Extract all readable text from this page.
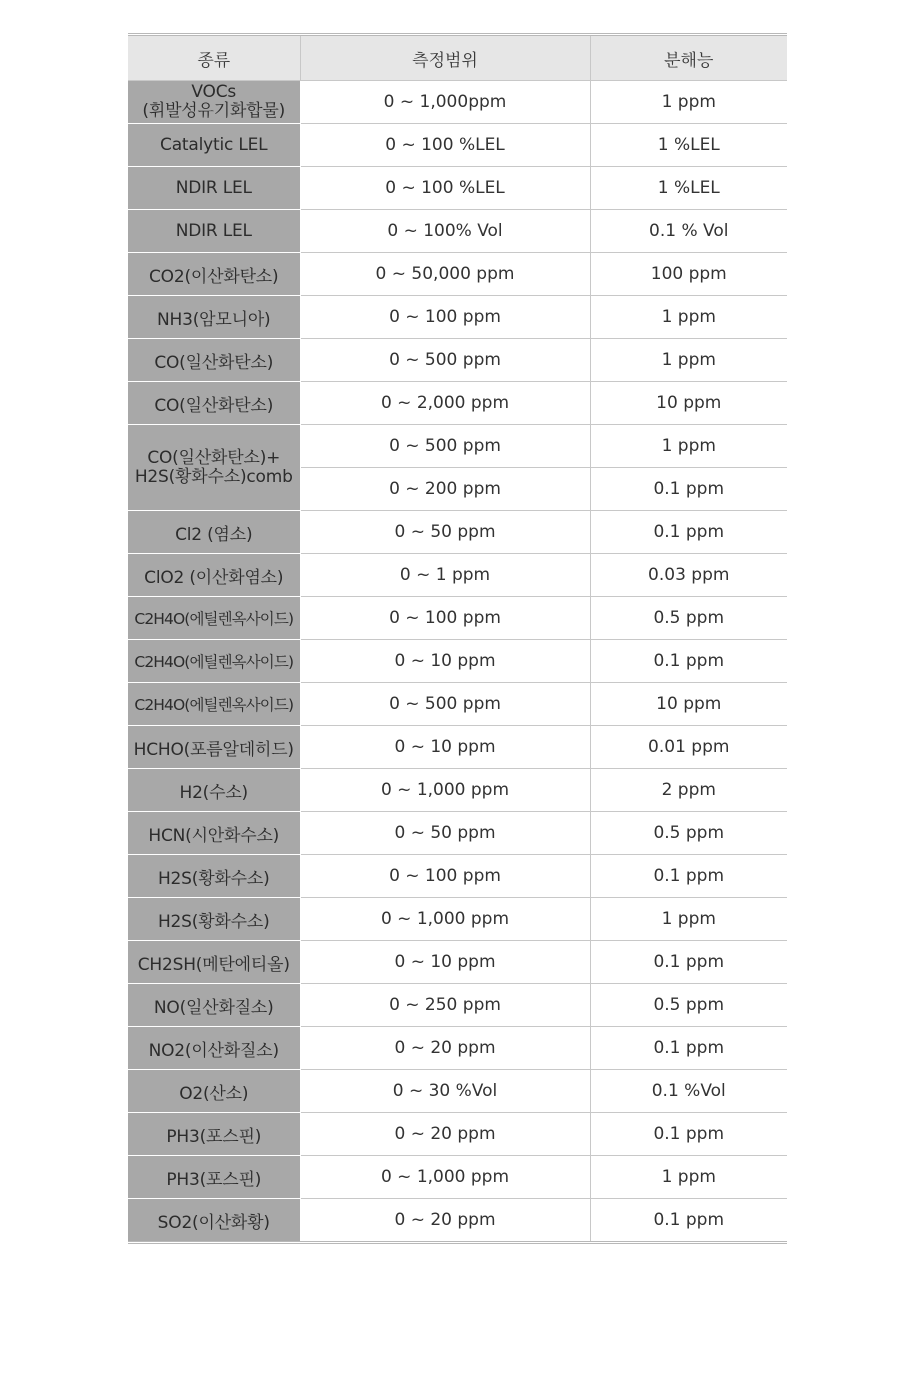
종류	측정범위	분해능

VOCs
(휘발성유기화합물)	0 ~ 1,000ppm	1 ppm
Catalytic LEL	0 ~ 100 %LEL	1 %LEL
NDIR LEL	0 ~ 100 %LEL	1 %LEL
NDIR LEL	0 ~ 100% Vol	0.1 % Vol
CO2(이산화탄소)	0 ~ 50,000 ppm	100 ppm
NH3(암모니아)	0 ~ 100 ppm	1 ppm
CO(일산화탄소)	0 ~ 500 ppm	1 ppm
CO(일산화탄소)	0 ~ 2,000 ppm	10 ppm

CO(일산화탄소)+
H2S(황화수소)comb	0 ~ 500 ppm	1 ppm
	0 ~ 200 ppm	0.1 ppm
Cl2 (염소)	0 ~ 50 ppm	0.1 ppm
ClO2 (이산화염소)	0 ~ 1 ppm	0.03 ppm
C2H4O(에틸렌옥사이드)	0 ~ 100 ppm	0.5 ppm
C2H4O(에틸렌옥사이드)	0 ~ 10 ppm	0.1 ppm
C2H4O(에틸렌옥사이드)	0 ~ 500 ppm	10 ppm
HCHO(포름알데히드)	0 ~ 10 ppm	0.01 ppm
H2(수소)	0 ~ 1,000 ppm	2 ppm
HCN(시안화수소)	0 ~ 50 ppm	0.5 ppm
H2S(황화수소)	0 ~ 100 ppm	0.1 ppm
H2S(황화수소)	0 ~ 1,000 ppm	1 ppm
CH2SH(메탄에티올)	0 ~ 10 ppm	0.1 ppm
NO(일산화질소)	0 ~ 250 ppm	0.5 ppm
NO2(이산화질소)	0 ~ 20 ppm	0.1 ppm
O2(산소)	0 ~ 30 %Vol	0.1 %Vol
PH3(포스핀)	0 ~ 20 ppm	0.1 ppm
PH3(포스핀)	0 ~ 1,000 ppm	1 ppm
SO2(이산화황)	0 ~ 20 ppm	0.1 ppm
